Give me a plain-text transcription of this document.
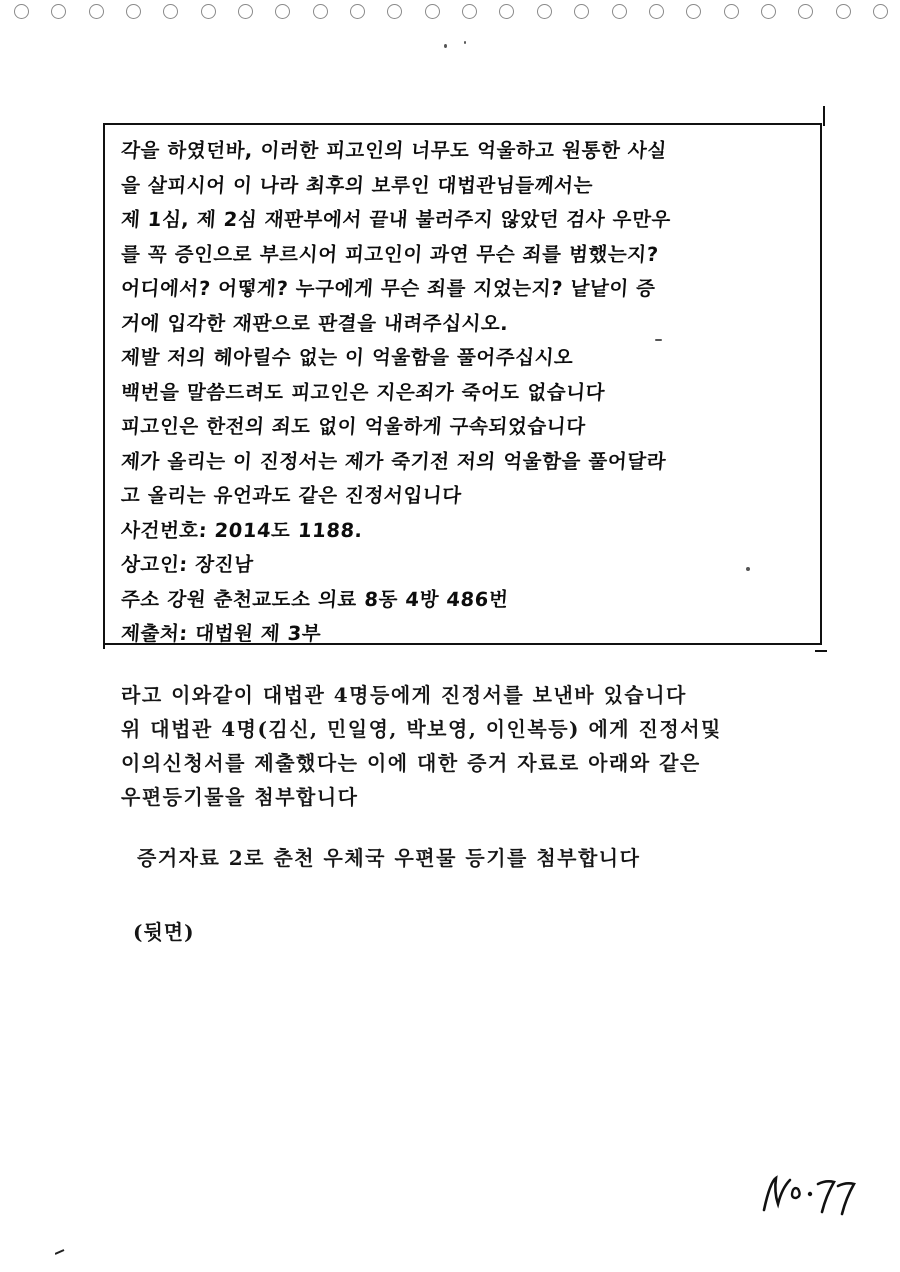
각을 하였던바, 이러한 피고인의 너무도 억울하고 원통한 사실
을 살피시어 이 나라 최후의 보루인 대법관님들께서는
제 1심, 제 2심 재판부에서 끝내 불러주지 않았던 검사 우만우
를 꼭 증인으로 부르시어 피고인이 과연 무슨 죄를 범했는지?
어디에서? 어떻게? 누구에게 무슨 죄를 지었는지? 낱낱이 증
거에 입각한 재판으로 판결을 내려주십시오.
제발 저의 헤아릴수 없는 이 억울함을 풀어주십시오
백번을 말씀드려도 피고인은 지은죄가 죽어도 없습니다
피고인은 한전의 죄도 없이 억울하게 구속되었습니다
제가 올리는 이 진정서는 제가 죽기전 저의 억울함을 풀어달라
고 올리는 유언과도 같은 진정서입니다
사건번호: 2014도 1188.
상고인: 장진남
주소 강원 춘천교도소 의료 8동 4방 486번
제출처: 대법원 제 3부
라고 이와같이 대법관 4명등에게 진정서를 보낸바 있습니다
위 대법관 4명(김신, 민일영, 박보영, 이인복등) 에게 진정서및
이의신청서를 제출했다는 이에 대한 증거 자료로 아래와 같은
우편등기물을 첨부합니다
증거자료 2로 춘천 우체국 우편물 등기를 첨부합니다
(뒷면)
